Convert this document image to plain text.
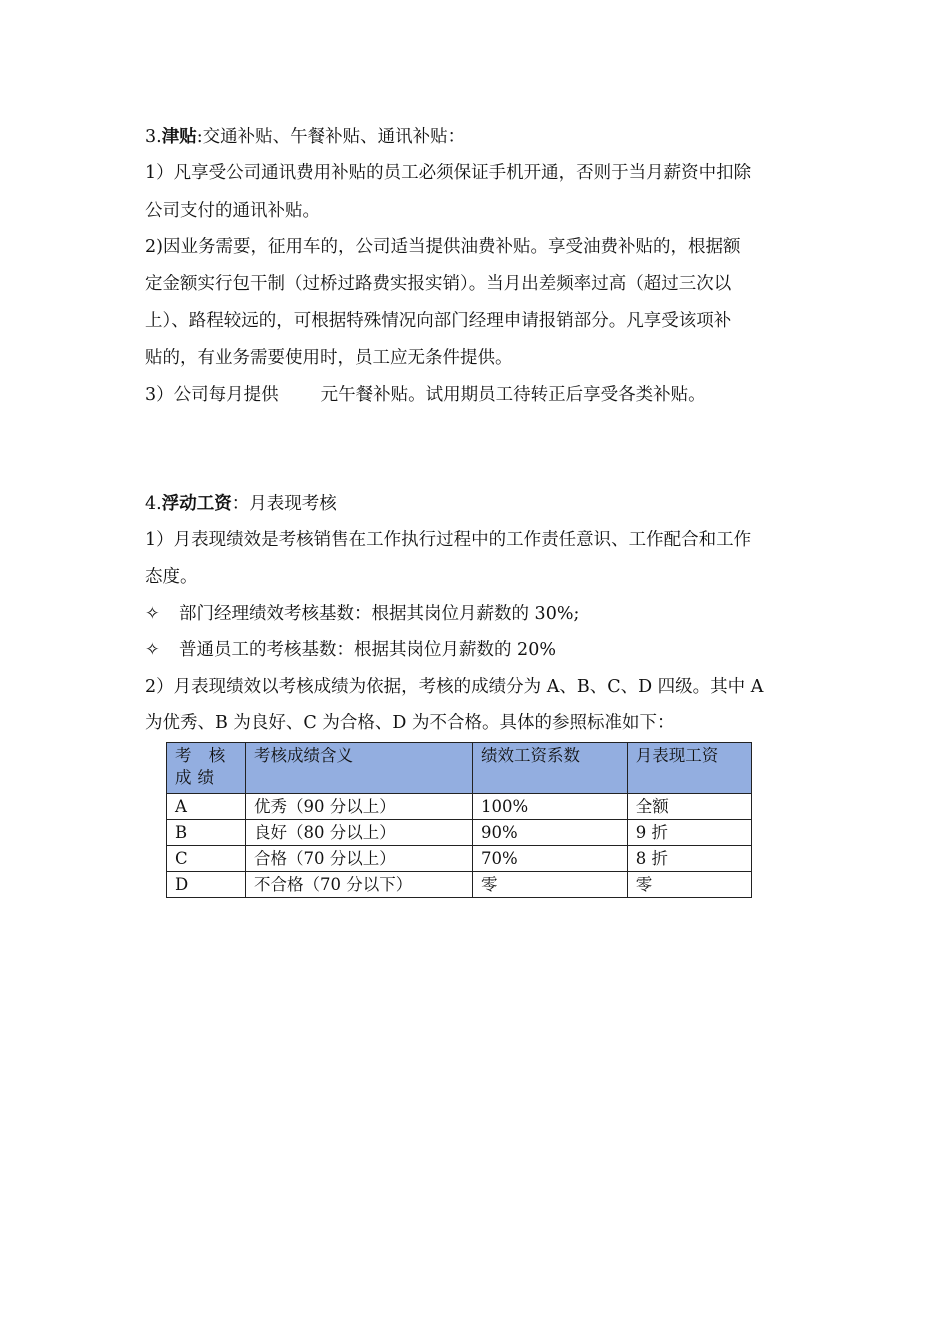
3.津贴:交通补贴、午餐补贴、通讯补贴：
1）凡享受公司通讯费用补贴的员工必须保证手机开通，否则于当月薪资中扣除
公司支付的通讯补贴。
2)因业务需要，征用车的，公司适当提供油费补贴。享受油费补贴的，根据额
定金额实行包干制（过桥过路费实报实销）。当月出差频率过高（超过三次以
上）、路程较远的，可根据特殊情况向部门经理申请报销部分。凡享受该项补
贴的，有业务需要使用时，员工应无条件提供。
3）公司每月提供 元午餐补贴。试用期员工待转正后享受各类补贴。
4.浮动工资：月表现考核
1）月表现绩效是考核销售在工作执行过程中的工作责任意识、工作配合和工作
态度。
✧ 部门经理绩效考核基数：根据其岗位月薪数的 30%;
✧ 普通员工的考核基数：根据其岗位月薪数的 20%
2）月表现绩效以考核成绩为依据，考核的成绩分为 A、B、C、D 四级。其中 A
为优秀、B 为良好、C 为合格、D 为不合格。具体的参照标准如下：
考 核 成绩	考核成绩含义	绩效工资系数	月表现工资
A	优秀（90 分以上）	100%	全额
B	良好（80 分以上）	90%	9 折
C	合格（70 分以上）	70%	8 折
D	不合格（70 分以下）	零	零
